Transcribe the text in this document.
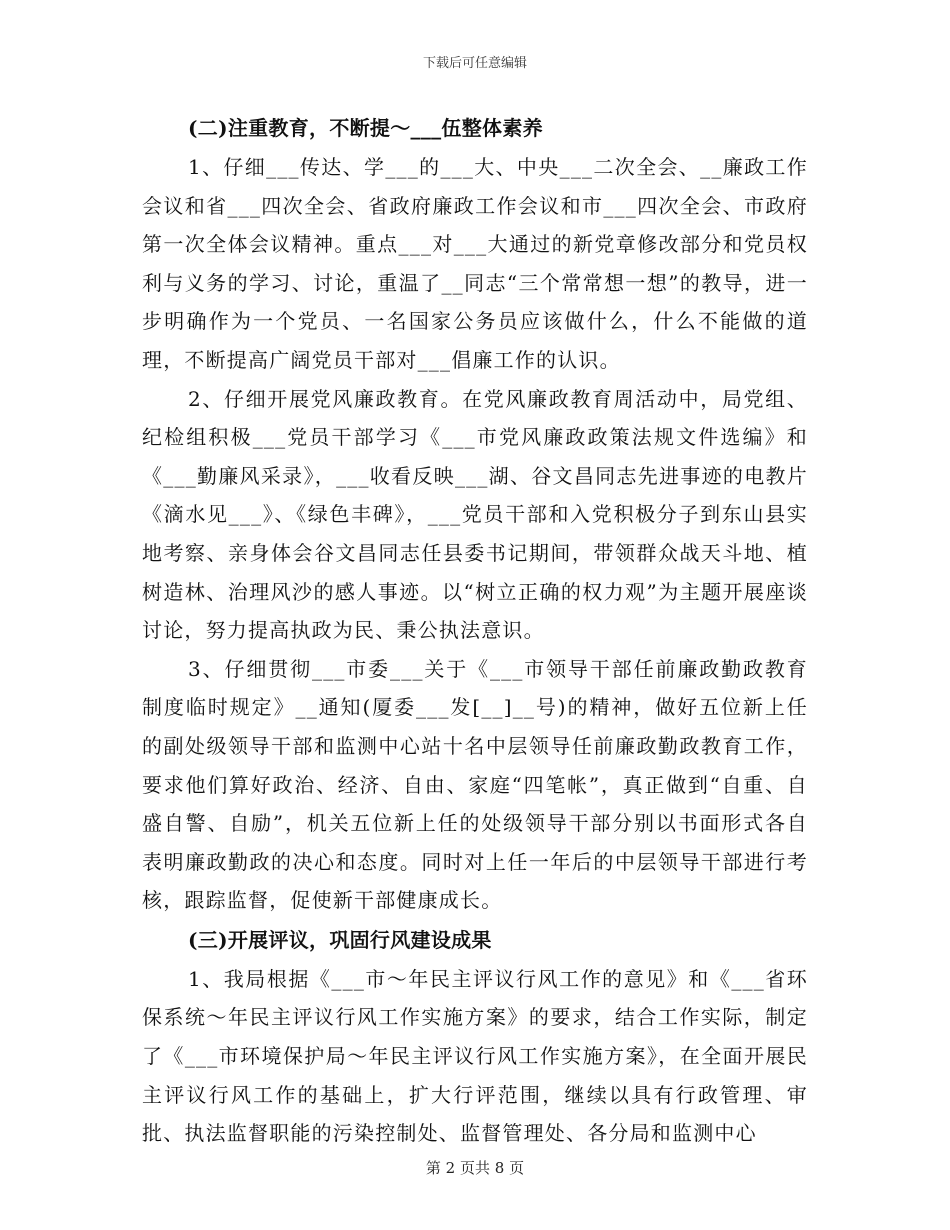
下载后可任意编辑
(二)注重教育，不断提～___伍整体素养

1、仔细___传达、学___的___大、中央___二次全会、__廉政工作会议和省___四次全会、省政府廉政工作会议和市___四次全会、市政府第一次全体会议精神。重点___对___大通过的新党章修改部分和党员权利与义务的学习、讨论，重温了__同志“三个常常想一想”的教导，进一步明确作为一个党员、一名国家公务员应该做什么，什么不能做的道理，不断提高广阔党员干部对___倡廉工作的认识。

2、仔细开展党风廉政教育。在党风廉政教育周活动中，局党组、纪检组积极___党员干部学习《___市党风廉政政策法规文件选编》和《___勤廉风采录》，___收看反映___湖、谷文昌同志先进事迹的电教片《滴水见___》、《绿色丰碑》，___党员干部和入党积极分子到东山县实地考察、亲身体会谷文昌同志任县委书记期间，带领群众战天斗地、植树造林、治理风沙的感人事迹。以“树立正确的权力观”为主题开展座谈讨论，努力提高执政为民、秉公执法意识。

3、仔细贯彻___市委___关于《___市领导干部任前廉政勤政教育制度临时规定》__通知(厦委___发[__]__号)的精神，做好五位新上任的副处级领导干部和监测中心站十名中层领导任前廉政勤政教育工作，要求他们算好政治、经济、自由、家庭“四笔帐”，真正做到“自重、自盛自警、自励”，机关五位新上任的处级领导干部分别以书面形式各自表明廉政勤政的决心和态度。同时对上任一年后的中层领导干部进行考核，跟踪监督，促使新干部健康成长。

(三)开展评议，巩固行风建设成果

1、我局根据《___市～年民主评议行风工作的意见》和《___省环保系统～年民主评议行风工作实施方案》的要求，结合工作实际，制定了《___市环境保护局～年民主评议行风工作实施方案》，在全面开展民主评议行风工作的基础上，扩大行评范围，继续以具有行政管理、审批、执法监督职能的污染控制处、监督管理处、各分局和监测中心

第 2 页共 8 页
